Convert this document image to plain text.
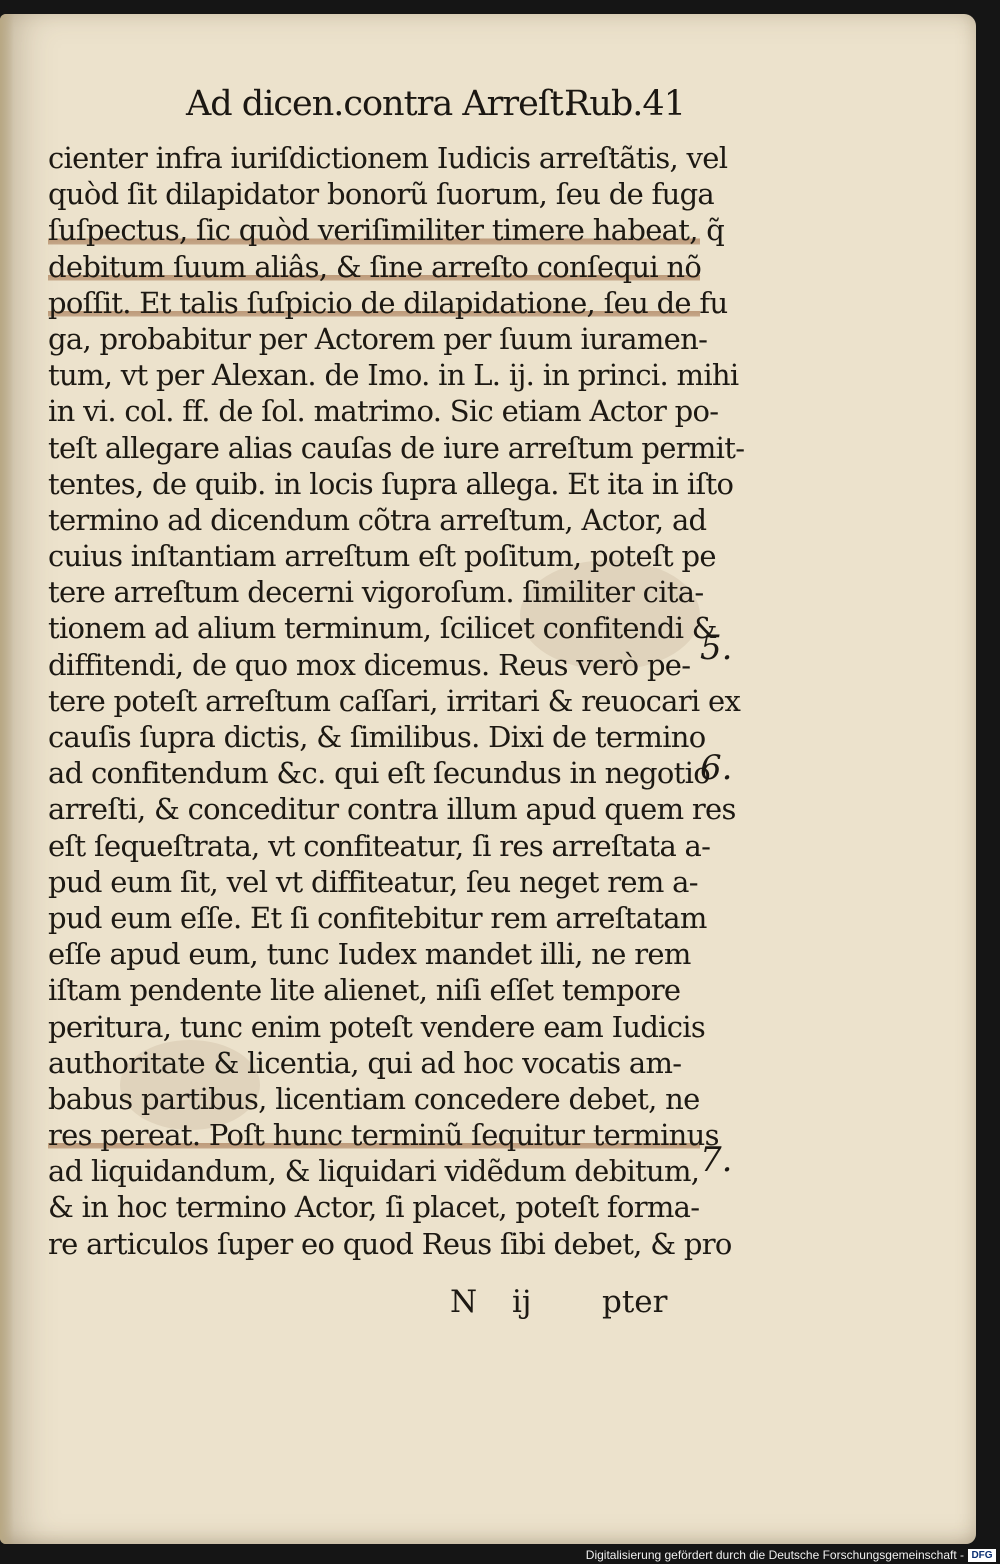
Ad dicen.contra Arreſt.
Rub.41
cienter infra iuriſdictionem Iudicis arreſtãtis, vel
quòd ſit dilapidator bonorũ ſuorum, ſeu de fuga
ſuſpectus, ſic quòd veriſimiliter timere habeat, q̃
debitum ſuum aliâs, & ſine arreſto conſequi nõ
poſſit. Et talis ſuſpicio de dilapidatione, ſeu de fu
ga, probabitur per Actorem per ſuum iuramen-
tum, vt per Alexan. de Imo. in L. ij. in princi. mihi
in vi. col. ff. de ſol. matrimo. Sic etiam Actor po-
teſt allegare alias cauſas de iure arreſtum permit-
tentes, de quib. in locis ſupra allega. Et ita in iſto
termino ad dicendum cõtra arreſtum, Actor, ad
cuius inſtantiam arreſtum eſt poſitum, poteſt pe
tere arreſtum decerni vigoroſum. ſimiliter cita-
tionem ad alium terminum, ſcilicet confitendi &
diffitendi, de quo mox dicemus. Reus verò pe-
tere poteſt arreſtum caſſari, irritari & reuocari ex
cauſis ſupra dictis, & ſimilibus. Dixi de termino
ad confitendum &c. qui eſt ſecundus in negotio
arreſti, & conceditur contra illum apud quem res
eſt ſequeſtrata, vt confiteatur, ſi res arreſtata a-
pud eum ſit, vel vt diffiteatur, ſeu neget rem a-
pud eum eſſe. Et ſi confitebitur rem arreſtatam
eſſe apud eum, tunc Iudex mandet illi, ne rem
iſtam pendente lite alienet, niſi eſſet tempore
peritura, tunc enim poteſt vendere eam Iudicis
authoritate & licentia, qui ad hoc vocatis am-
babus partibus, licentiam concedere debet, ne
res pereat. Poſt hunc terminũ ſequitur terminus
ad liquidandum, & liquidari vidẽdum debitum,
& in hoc termino Actor, ſi placet, poteſt forma-
re articulos ſuper eo quod Reus ſibi debet, & pro
5.
6.
7.
N ij pter
Digitalisierung gefördert durch die Deutsche Forschungsgemeinschaft - DFG
